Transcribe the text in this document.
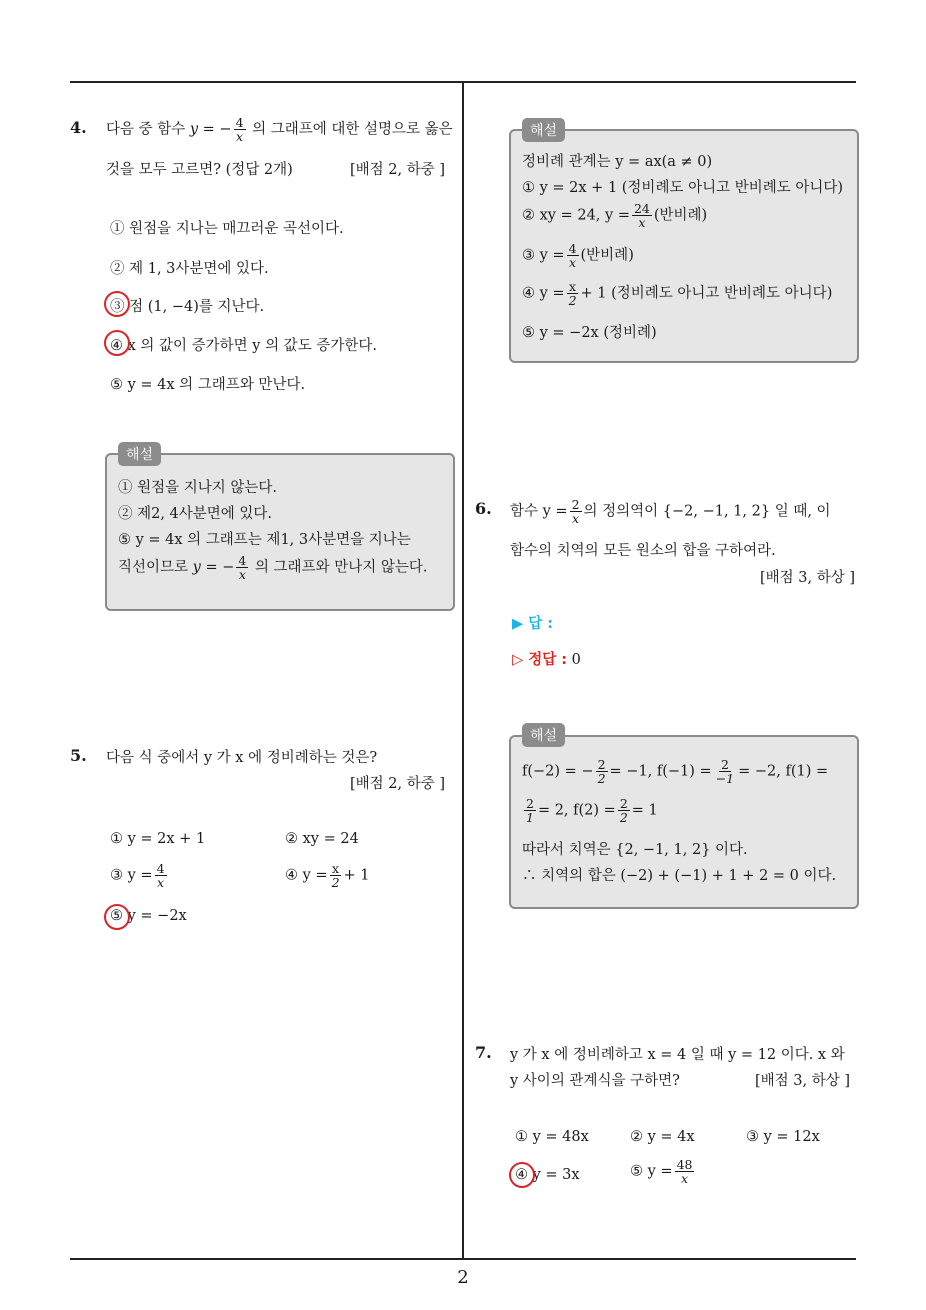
2
4. 다음 중 함수 y = − $\frac{4}{x}$ 의 그래프에 대한 설명으로 옳은
것을 모두 고르면? (정답 2개)	[배점 2, 하중 ]
① 원점을 지나는 매끄러운 곡선이다.
② 제 1, 3사분면에 있다.
③ 점 (1, −4)를 지난다.
④ x 의 값이 증가하면 y 의 값도 증가한다.
⑤ y = 4x 의 그래프와 만난다.
해설
① 원점을 지나지 않는다.
② 제2, 4사분면에 있다.
⑤ y = 4x 의 그래프는 제1, 3사분면을 지나는
직선이므로 y = − $\frac{4}{x}$ 의 그래프와 만나지 않는다.
5. 다음 식 중에서 y 가 x 에 정비례하는 것은?
[배점 2, 하중 ]
① y = 2x + 1	② xy = 24
③ $y = \frac{4}{x}$	④ $y = \frac{x}{2} + 1$
⑤ y = −2x
해설
정비례 관계는 y = ax(a ≠ 0)
① y = 2x + 1 (정비례도 아니고 반비례도 아니다)
② xy = 24, $y = \frac{24}{x}$ (반비례)
③ $y = \frac{4}{x}$ (반비례)
④ $y = \frac{x}{2} + 1$ (정비례도 아니고 반비례도 아니다)
⑤ y = −2x (정비례)
6. 함수 $y = \frac{2}{x}$ 의 정의역이 {−2, −1, 1, 2} 일 때, 이
함수의 치역의 모든 원소의 합을 구하여라.
[배점 3, 하상 ]
▶ 답 :
▷ 정답 : 0
해설
f(−2) = − $\frac{2}{2} = -1$, $f(-1) = \frac{2}{-1} = -2$, f(1) =
$\frac{2}{1} = 2$, $f(2) = \frac{2}{2} = 1$
따라서 치역은 {2, −1, 1, 2} 이다.
∴ 치역의 합은 (−2) + (−1) + 1 + 2 = 0 이다.
7. y 가 x 에 정비례하고 x = 4 일 때 y = 12 이다. x 와
y 사이의 관계식을 구하면?	[배점 3, 하상 ]
① y = 48x	② y = 4x	③ y = 12x
④ y = 3x	⑤ $y = \frac{48}{x}$
